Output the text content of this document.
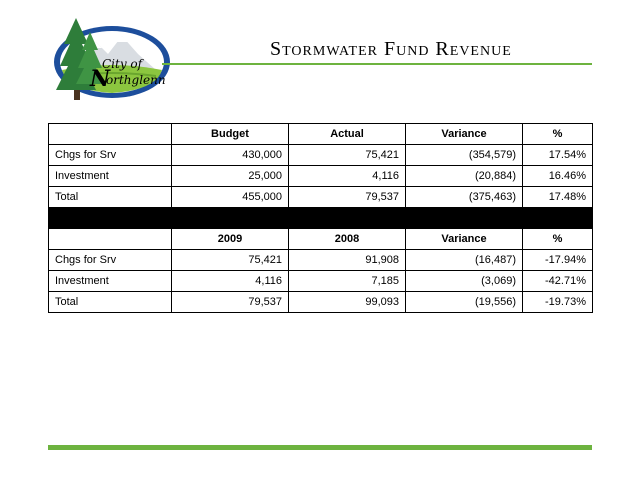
City of
N
orthglenn
Stormwater Fund Revenue
	Budget	Actual	Variance	%
Chgs for Srv	430,000	75,421	(354,579)	17.54%
Investment	25,000	4,116	(20,884)	16.46%
Total	455,000	79,537	(375,463)	17.48%

	2009	2008	Variance	%
Chgs for Srv	75,421	91,908	(16,487)	-17.94%
Investment	4,116	7,185	(3,069)	-42.71%
Total	79,537	99,093	(19,556)	-19.73%
